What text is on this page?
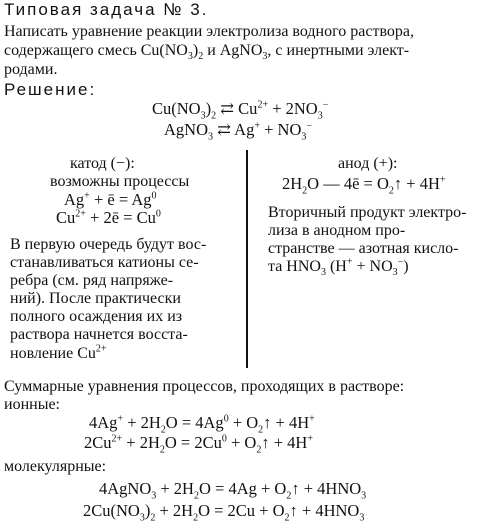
Типовая задача № 3.
Написать уравнение реакции электролиза водного раствора,
содержащего смесь $Cu(NO_3)_2$ и AgNO$_3$, с инертными элект-
родами.
Решение:
$Cu(NO_3)_2$ ⇄ $Cu^{2+} + 2NO_3^-$
AgNO$_3$ ⇄ $Ag^+ + NO_3^-$
катод (−):
возможны процессы
Ag+ + ē = $Ag^0$
$Cu^{2+}$ + 2ē = $Cu^0$
В первую очередь будут вос-
станавливаться катионы се-
ребра (см. ряд напряже-
ний). После практически
полного осаждения их из
раствора начнется восста-
новление $Cu^{2+}$
анод (+):
$2H_2O$ — 4ē = $O_2↑ + 4H^+$
Вторичный продукт электро-
лиза в анодном про-
странстве — азотная кисло-
та $HNO_3$ $(H^+ + NO_3^-)$
Суммарные уравнения процессов, проходящих в растворе:
ионные:
$4Ag^+ + 2H_2O = 4Ag^0$ + $O_2↑ + 4H^+$
$2Cu^{2+} + 2H_2O = 2Cu^0$ + $O_2↑ + 4H^+$
молекулярные:
4AgNO$_3$ + $2H_2O = 4Ag$ + $O_2↑ + 4HNO_3$
$2Cu(NO_3)_2 + 2H_2O = 2Cu$ + $O_2↑ + 4HNO_3$
